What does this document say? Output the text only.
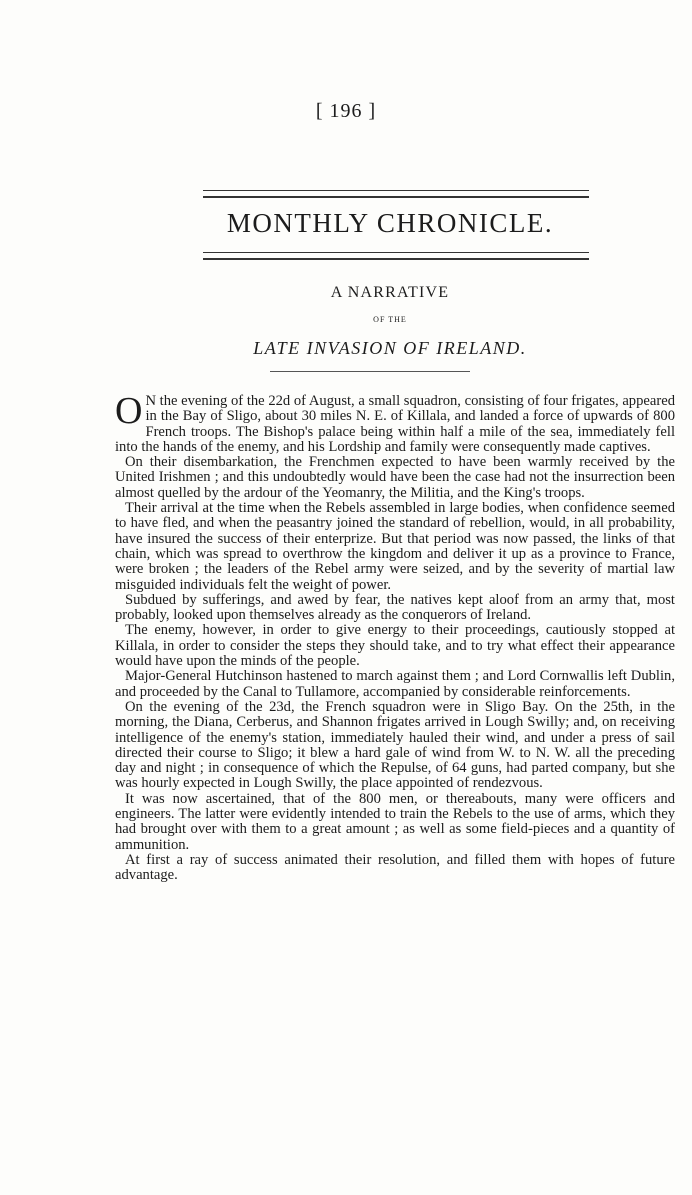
[ 196 ]
MONTHLY CHRONICLE.
A NARRATIVE
OF THE
LATE INVASION OF IRELAND.

O N the evening of the 22d of August, a small squadron, consisting of four frigates, appeared in the Bay of Sligo, about 30 miles N. E. of Killala, and landed a force of upwards of 800 French troops. The Bishop's palace being within half a mile of the sea, immediately fell into the hands of the enemy, and his Lordship and family were consequently made captives.

On their disembarkation, the Frenchmen expected to have been warmly received by the United Irishmen ; and this undoubtedly would have been the case had not the insurrection been almost quelled by the ardour of the Yeomanry, the Militia, and the King's troops.

Their arrival at the time when the Rebels assembled in large bodies, when confidence seemed to have fled, and when the peasantry joined the standard of rebellion, would, in all probability, have insured the success of their enterprize. But that period was now passed, the links of that chain, which was spread to overthrow the kingdom and deliver it up as a province to France, were broken ; the leaders of the Rebel army were seized, and by the severity of martial law misguided individuals felt the weight of power.

Subdued by sufferings, and awed by fear, the natives kept aloof from an army that, most probably, looked upon themselves already as the conquerors of Ireland.

The enemy, however, in order to give energy to their proceedings, cautiously stopped at Killala, in order to consider the steps they should take, and to try what effect their appearance would have upon the minds of the people.

Major-General Hutchinson hastened to march against them ; and Lord Cornwallis left Dublin, and proceeded by the Canal to Tullamore, accompanied by considerable reinforcements.

On the evening of the 23d, the French squadron were in Sligo Bay. On the 25th, in the morning, the Diana, Cerberus, and Shannon frigates arrived in Lough Swilly; and, on receiving intelligence of the enemy's station, immediately hauled their wind, and under a press of sail directed their course to Sligo; it blew a hard gale of wind from W. to N. W. all the preceding day and night ; in consequence of which the Repulse, of 64 guns, had parted company, but she was hourly expected in Lough Swilly, the place appointed of rendezvous.

It was now ascertained, that of the 800 men, or thereabouts, many were officers and engineers. The latter were evidently intended to train the Rebels to the use of arms, which they had brought over with them to a great amount ; as well as some field-pieces and a quantity of ammunition.

At first a ray of success animated their resolution, and filled them with hopes of future advantage.
